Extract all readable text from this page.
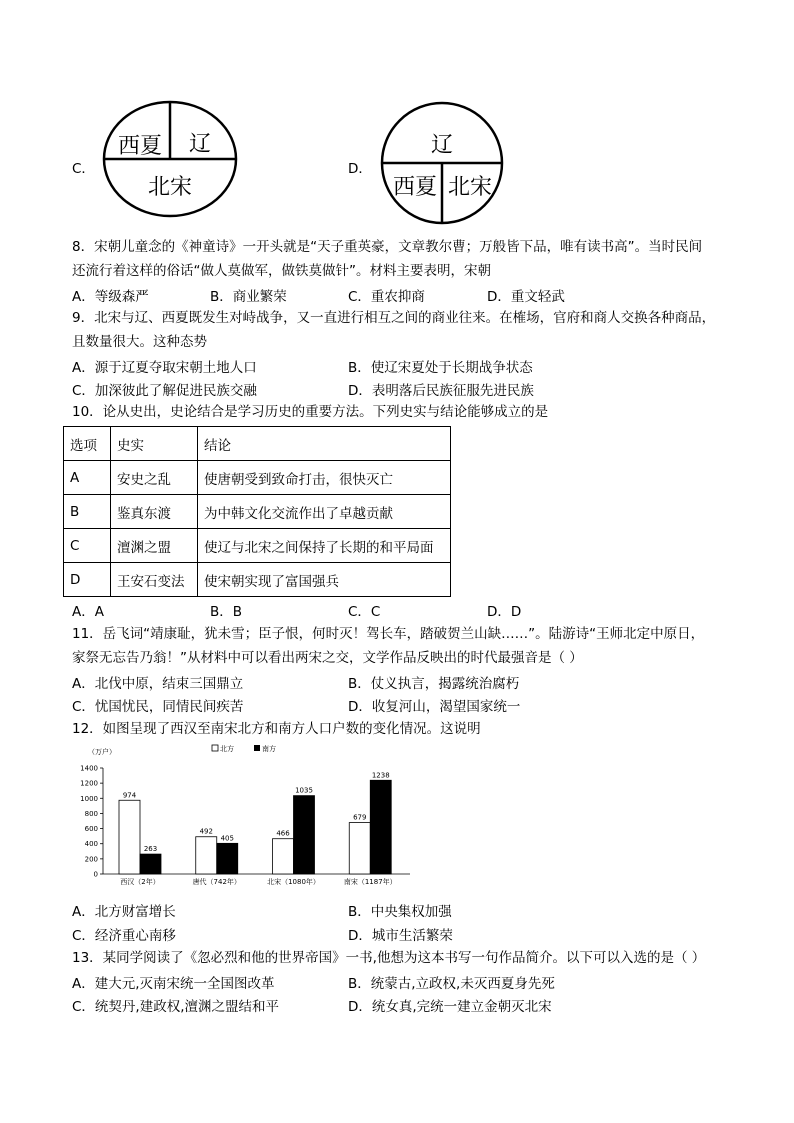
C．
西夏 辽
北宋
D．
辽
西夏 北宋
8．宋朝儿童念的《神童诗》一开头就是“天子重英豪，文章教尔曹；万般皆下品，唯有读书高”。当时民间
还流行着这样的俗话“做人莫做军，做铁莫做针”。材料主要表明，宋朝
A．等级森严	B．商业繁荣	C．重农抑商	D．重文轻武
9．北宋与辽、西夏既发生对峙战争，又一直进行相互之间的商业往来。在榷场，官府和商人交换各种商品，
且数量很大。这种态势
A．源于辽夏夺取宋朝土地人口	B．使辽宋夏处于长期战争状态
C．加深彼此了解促进民族交融	D．表明落后民族征服先进民族
10．论从史出，史论结合是学习历史的重要方法。下列史实与结论能够成立的是
选项	史实	结论
A	安史之乱	使唐朝受到致命打击，很快灭亡
B	鉴真东渡	为中韩文化交流作出了卓越贡献
C	澶渊之盟	使辽与北宋之间保持了长期的和平局面
D	王安石变法	使宋朝实现了富国强兵
A．A	B．B	C．C	D．D
11．岳飞词“靖康耻，犹未雪；臣子恨，何时灭！驾长车，踏破贺兰山缺……”。陆游诗“王师北定中原日，
家祭无忘告乃翁！”从材料中可以看出两宋之交，文学作品反映出的时代最强音是（ ）
A．北伐中原，结束三国鼎立	B．仗义执言，揭露统治腐朽
C．忧国忧民，同情民间疾苦	D．收复河山，渴望国家统一
12．如图呈现了西汉至南宋北方和南方人口户数的变化情况。这说明
（万户）	北方	南方
0
200
400
600
800
1000
1200
1400
974
263
西汉（2年）
492
405
唐代（742年）
466
1035
北宋（1080年）
679
1238
南宋（1187年）
A．北方财富增长	B．中央集权加强
C．经济重心南移	D．城市生活繁荣
13．某同学阅读了《忽必烈和他的世界帝国》一书,他想为这本书写一句作品简介。以下可以入选的是（ ）
A．建大元,灭南宋统一全国图改革	B．统蒙古,立政权,未灭西夏身先死
C．统契丹,建政权,澶渊之盟结和平	D．统女真,完统一建立金朝灭北宋
